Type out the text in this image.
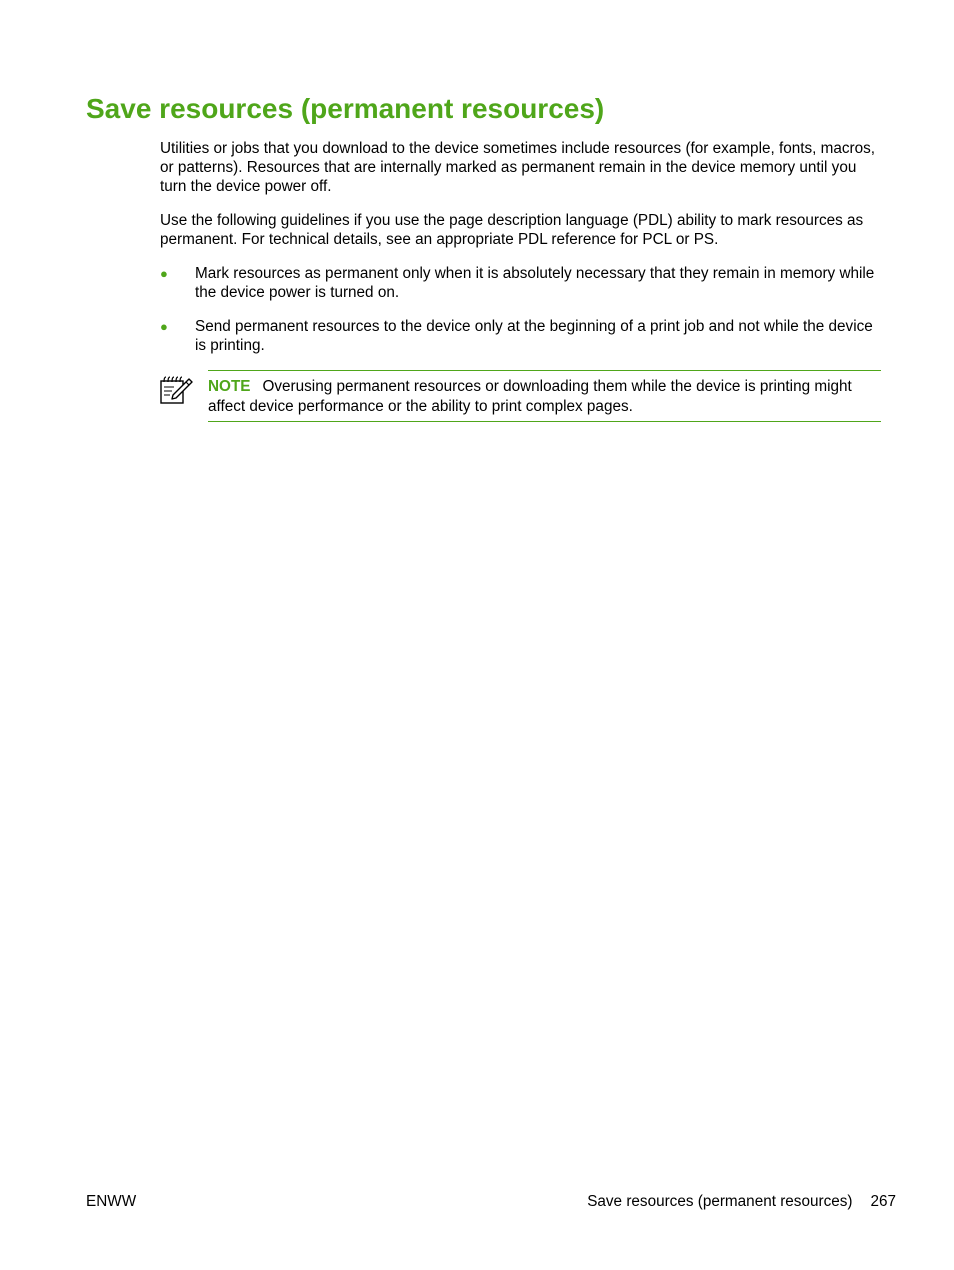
Save resources (permanent resources)

Utilities or jobs that you download to the device sometimes include resources (for example, fonts, macros, or patterns). Resources that are internally marked as permanent remain in the device memory until you turn the device power off.

Use the following guidelines if you use the page description language (PDL) ability to mark resources as permanent. For technical details, see an appropriate PDL reference for PCL or PS.

● Mark resources as permanent only when it is absolutely necessary that they remain in memory while the device power is turned on.
● Send permanent resources to the device only at the beginning of a print job and not while the device is printing.

NOTE Overusing permanent resources or downloading them while the device is printing might affect device performance or the ability to print complex pages.

ENWW	Save resources (permanent resources) 267
